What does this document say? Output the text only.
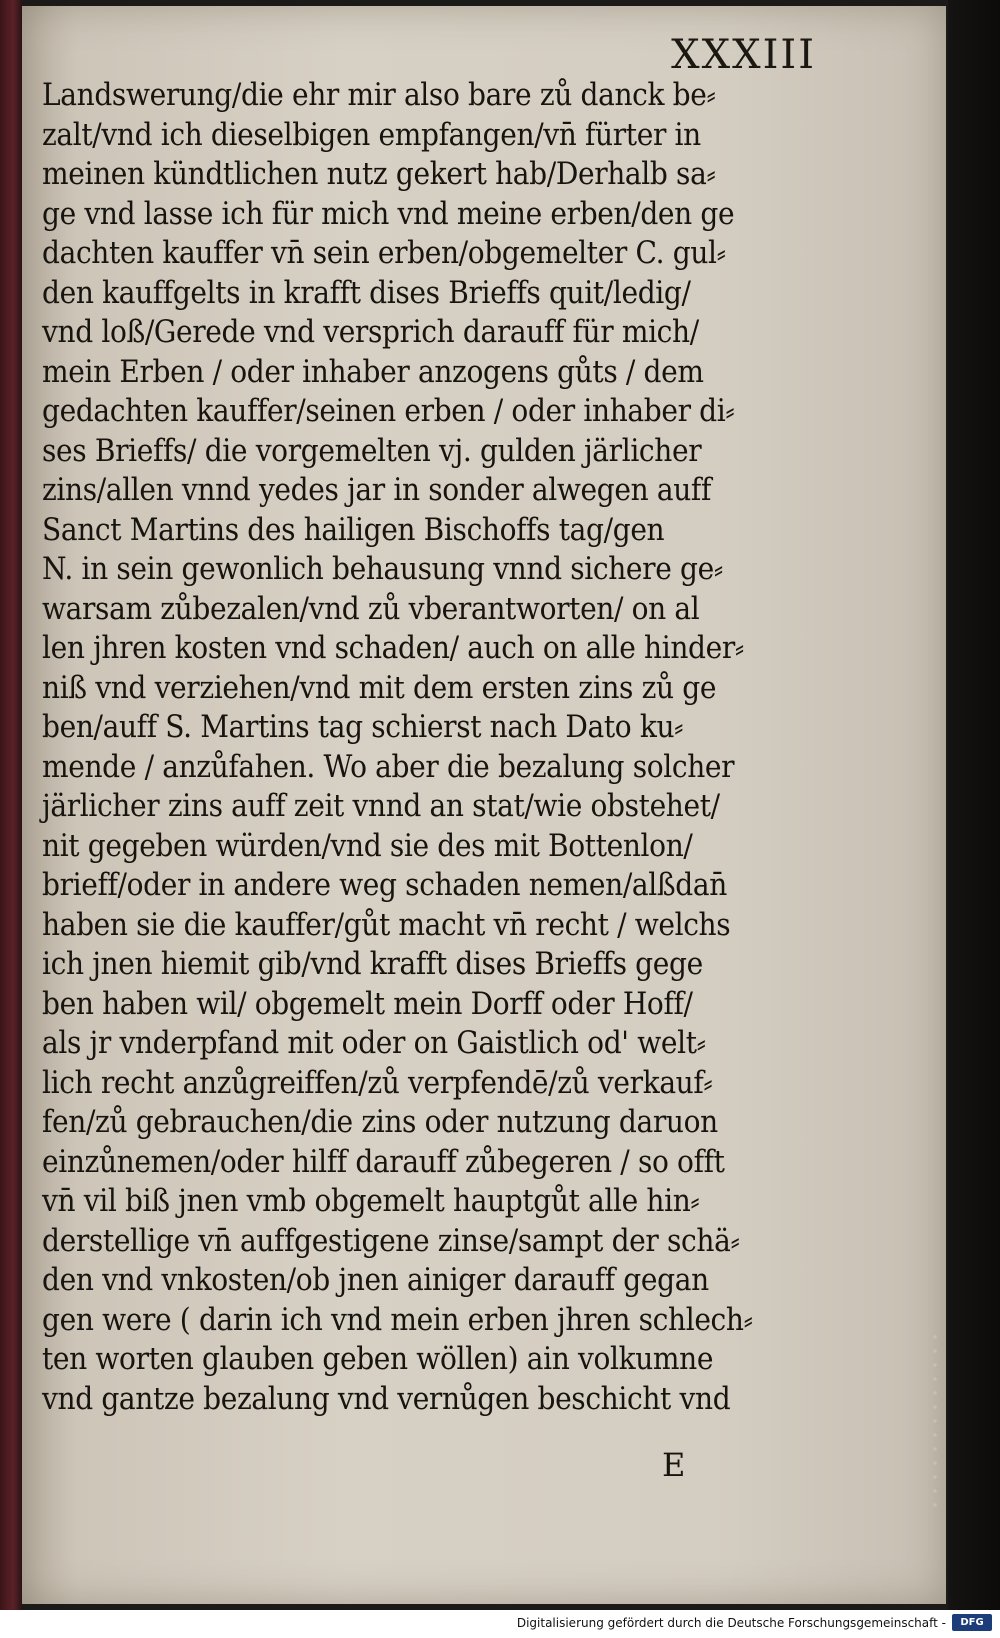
XXXIII
Landswerung/die ehr mir also bare zů danck be⸗
zalt/vnd ich dieselbigen empfangen/vn̄ fürter in
meinen kündtlichen nutz gekert hab/Derhalb sa⸗
ge vnd lasse ich für mich vnd meine erben/den ge
dachten kauffer vn̄ sein erben/obgemelter C. gul⸗
den kauffgelts in krafft dises Brieffs quit/ledig/
vnd loß/Gerede vnd versprich darauff für mich/
mein Erben / oder inhaber anzogens gůts / dem
gedachten kauffer/seinen erben / oder inhaber di⸗
ses Brieffs/ die vorgemelten vj. gulden järlicher
zins/allen vnnd yedes jar in sonder alwegen auff
Sanct Martins des hailigen Bischoffs tag/gen
N. in sein gewonlich behausung vnnd sichere ge⸗
warsam zůbezalen/vnd zů vberantworten/ on al
len jhren kosten vnd schaden/ auch on alle hinder⸗
niß vnd verziehen/vnd mit dem ersten zins zů ge
ben/auff S. Martins tag schierst nach Dato ku⸗
mende / anzůfahen. Wo aber die bezalung solcher
järlicher zins auff zeit vnnd an stat/wie obstehet/
nit gegeben würden/vnd sie des mit Bottenlon/
brieff/oder in andere weg schaden nemen/alßdan̄
haben sie die kauffer/gůt macht vn̄ recht / welchs
ich jnen hiemit gib/vnd krafft dises Brieffs gege
ben haben wil/ obgemelt mein Dorff oder Hoff/
als jr vnderpfand mit oder on Gaistlich od' welt⸗
lich recht anzůgreiffen/zů verpfendē/zů verkauf⸗
fen/zů gebrauchen/die zins oder nutzung daruon
einzůnemen/oder hilff darauff zůbegeren / so offt
vn̄ vil biß jnen vmb obgemelt hauptgůt alle hin⸗
derstellige vn̄ auffgestigene zinse/sampt der schä⸗
den vnd vnkosten/ob jnen ainiger darauff gegan
gen were ( darin ich vnd mein erben jhren schlech⸗
ten worten glauben geben wöllen) ain volkumne
vnd gantze bezalung vnd vernůgen beschicht vnd
E
Digitalisierung gefördert durch die Deutsche Forschungsgemeinschaft -	DFG
